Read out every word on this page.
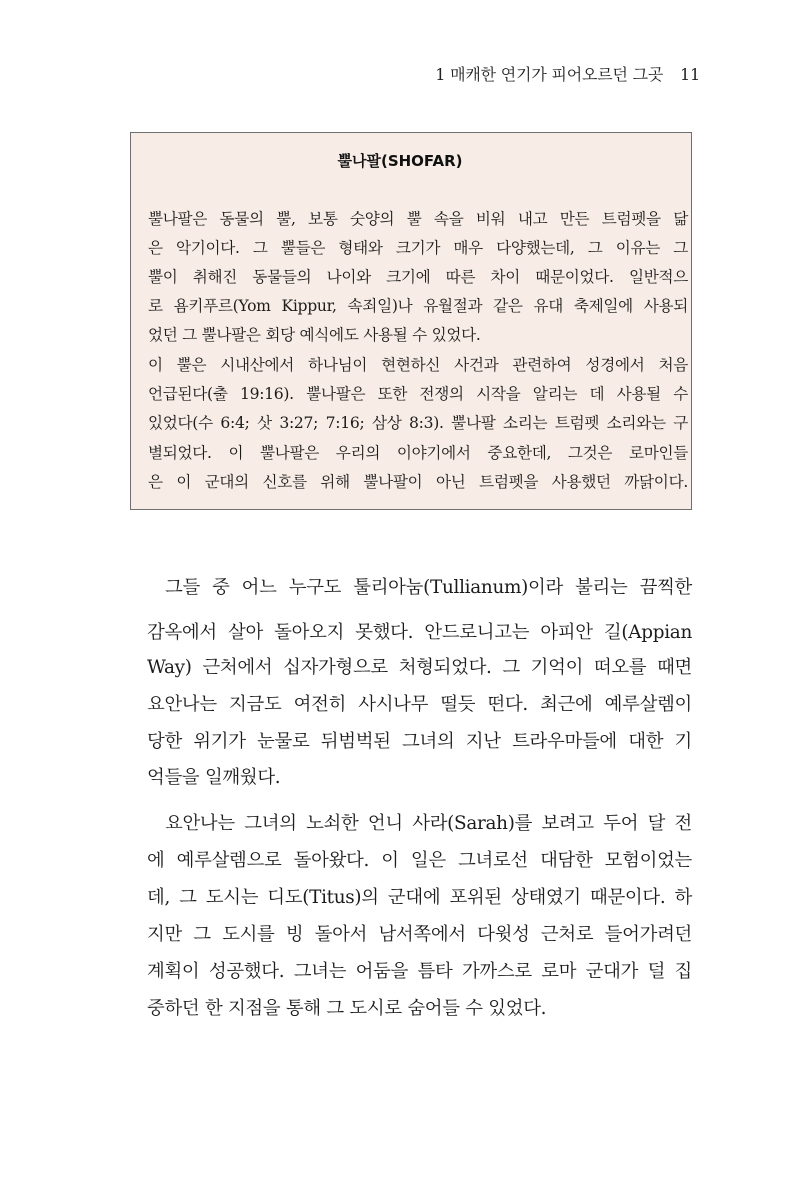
1 매캐한 연기가 피어오르던 그곳 11
뿔나팔(SHOFAR)
뿔나팔은 동물의 뿔, 보통 숫양의 뿔 속을 비워 내고 만든 트럼펫을 닮
은 악기이다. 그 뿔들은 형태와 크기가 매우 다양했는데, 그 이유는 그
뿔이 취해진 동물들의 나이와 크기에 따른 차이 때문이었다. 일반적으
로 욤키푸르(Yom Kippur, 속죄일)나 유월절과 같은 유대 축제일에 사용되
었던 그 뿔나팔은 회당 예식에도 사용될 수 있었다.
이 뿔은 시내산에서 하나님이 현현하신 사건과 관련하여 성경에서 처음
언급된다(출 19:16). 뿔나팔은 또한 전쟁의 시작을 알리는 데 사용될 수
있었다(수 6:4; 삿 3:27; 7:16; 삼상 8:3). 뿔나팔 소리는 트럼펫 소리와는 구
별되었다. 이 뿔나팔은 우리의 이야기에서 중요한데, 그것은 로마인들
은 이 군대의 신호를 위해 뿔나팔이 아닌 트럼펫을 사용했던 까닭이다.
그들 중 어느 누구도 툴리아눔(Tullianum)이라 불리는 끔찍한
감옥에서 살아 돌아오지 못했다. 안드로니고는 아피안 길(Appian
Way) 근처에서 십자가형으로 처형되었다. 그 기억이 떠오를 때면
요안나는 지금도 여전히 사시나무 떨듯 떤다. 최근에 예루살렘이
당한 위기가 눈물로 뒤범벅된 그녀의 지난 트라우마들에 대한 기
억들을 일깨웠다.
요안나는 그녀의 노쇠한 언니 사라(Sarah)를 보려고 두어 달 전
에 예루살렘으로 돌아왔다. 이 일은 그녀로선 대담한 모험이었는
데, 그 도시는 디도(Titus)의 군대에 포위된 상태였기 때문이다. 하
지만 그 도시를 빙 돌아서 남서쪽에서 다윗성 근처로 들어가려던
계획이 성공했다. 그녀는 어둠을 틈타 가까스로 로마 군대가 덜 집
중하던 한 지점을 통해 그 도시로 숨어들 수 있었다.
